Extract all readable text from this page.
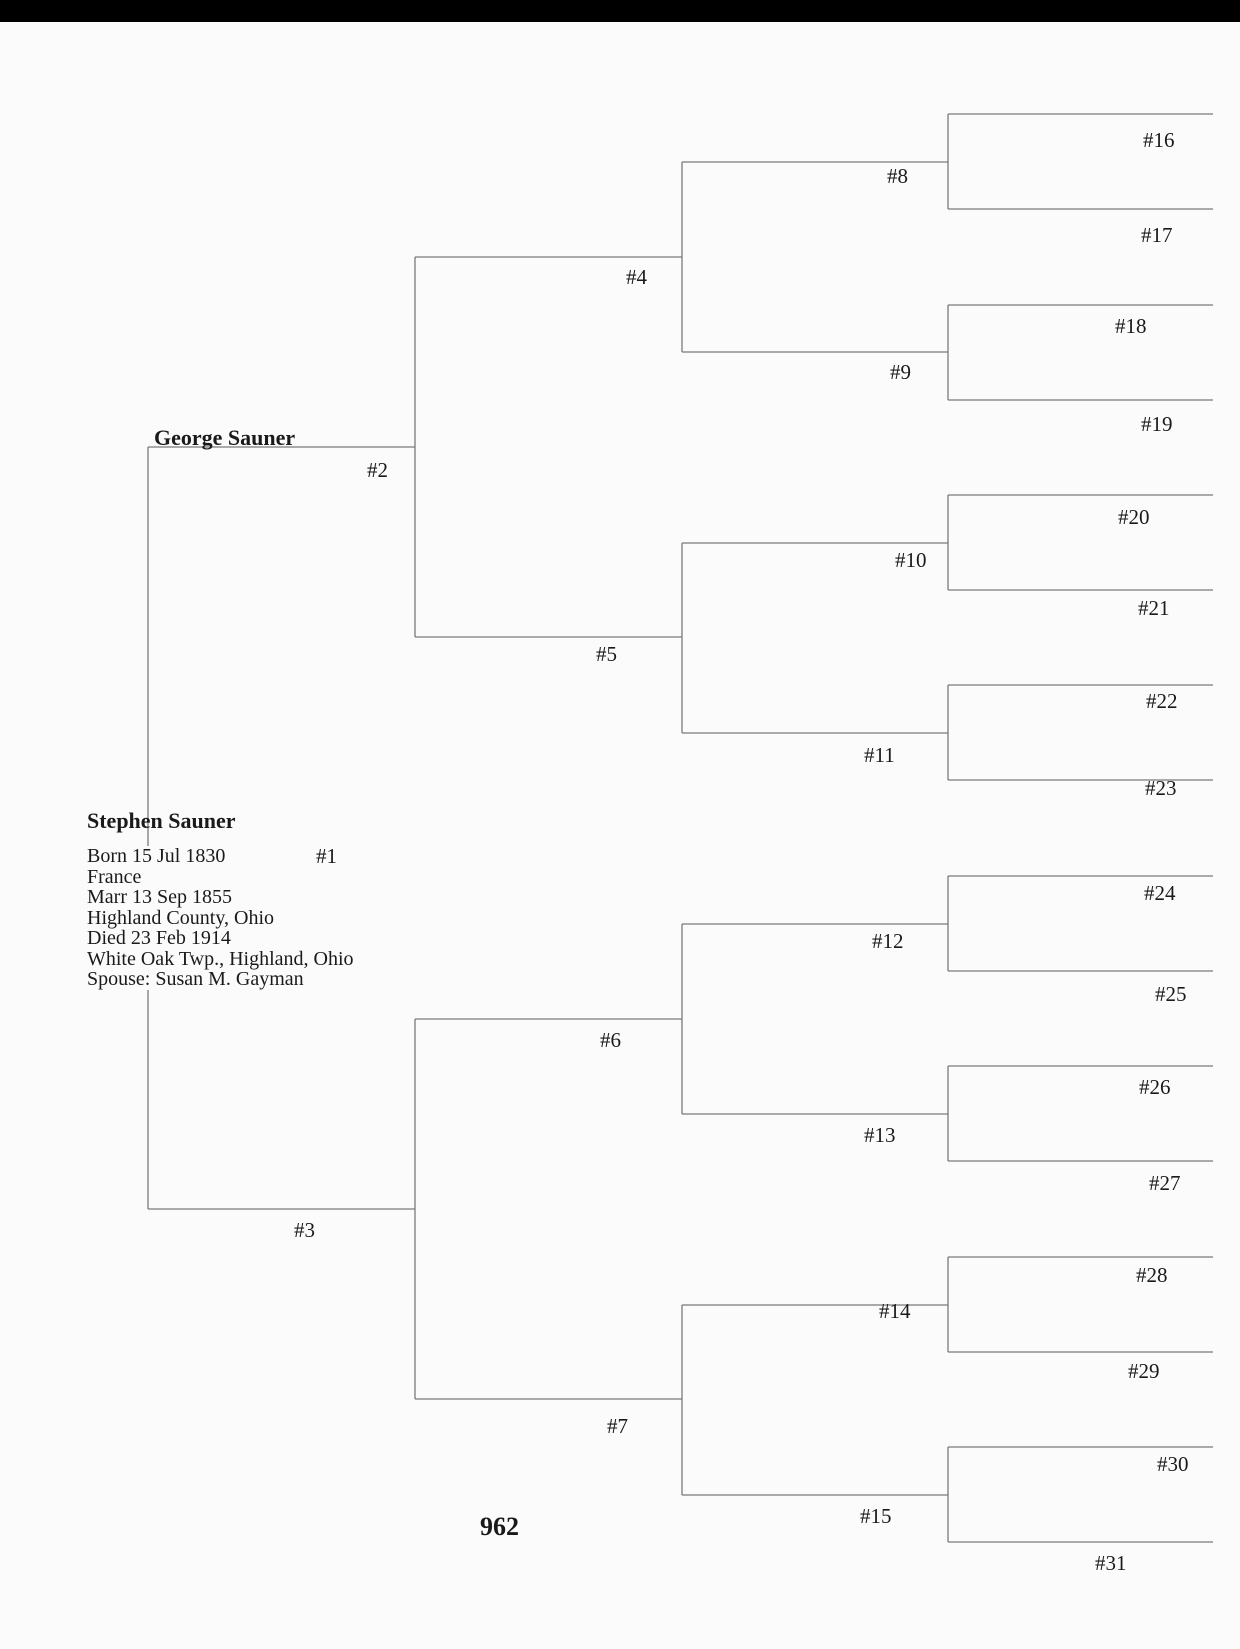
Stephen Sauner
Born 15 Jul 1830
France
Marr 13 Sep 1855
Highland County, Ohio
Died 23 Feb 1914
White Oak Twp., Highland, Ohio
Spouse: Susan M. Gayman
#1
George Sauner
#2
#3
#4
#5
#6
#7
#8
#9
#10
#11
#12
#13
#14
#15
#16
#17
#18
#19
#20
#21
#22
#23
#24
#25
#26
#27
#28
#29
#30
#31
962
